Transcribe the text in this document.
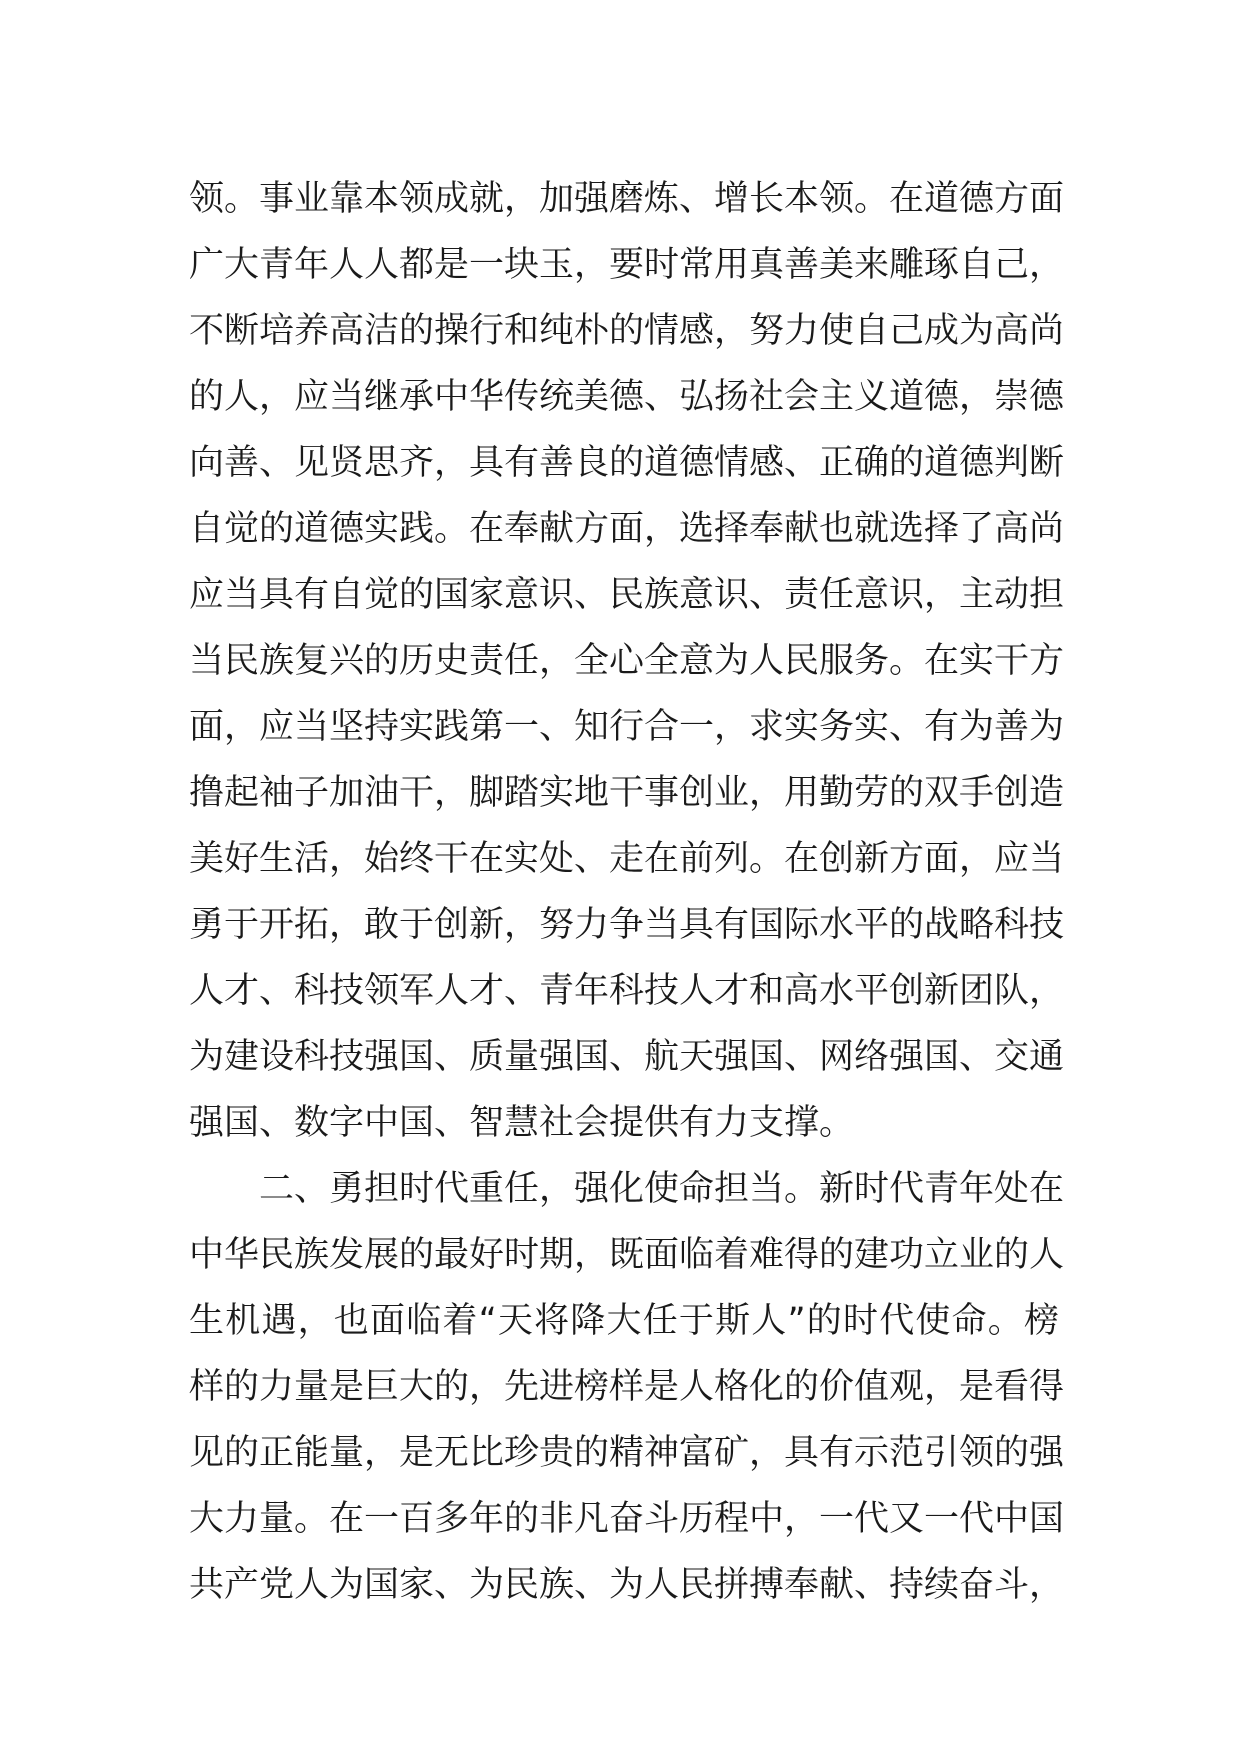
领。事业靠本领成就，加强磨炼、增长本领。在道德方面
广大青年人人都是一块玉，要时常用真善美来雕琢自己，
不断培养高洁的操行和纯朴的情感，努力使自己成为高尚
的人，应当继承中华传统美德、弘扬社会主义道德，崇德
向善、见贤思齐，具有善良的道德情感、正确的道德判断
自觉的道德实践。在奉献方面，选择奉献也就选择了高尚
应当具有自觉的国家意识、民族意识、责任意识，主动担
当民族复兴的历史责任，全心全意为人民服务。在实干方
面，应当坚持实践第一、知行合一，求实务实、有为善为
撸起袖子加油干，脚踏实地干事创业，用勤劳的双手创造
美好生活，始终干在实处、走在前列。在创新方面，应当
勇于开拓，敢于创新，努力争当具有国际水平的战略科技
人才、科技领军人才、青年科技人才和高水平创新团队，
为建设科技强国、质量强国、航天强国、网络强国、交通
强国、数字中国、智慧社会提供有力支撑。
二、勇担时代重任，强化使命担当。新时代青年处在
中华民族发展的最好时期，既面临着难得的建功立业的人
生机遇，也面临着“天将降大任于斯人”的时代使命。榜
样的力量是巨大的，先进榜样是人格化的价值观，是看得
见的正能量，是无比珍贵的精神富矿，具有示范引领的强
大力量。在一百多年的非凡奋斗历程中，一代又一代中国
共产党人为国家、为民族、为人民拼搏奉献、持续奋斗，
